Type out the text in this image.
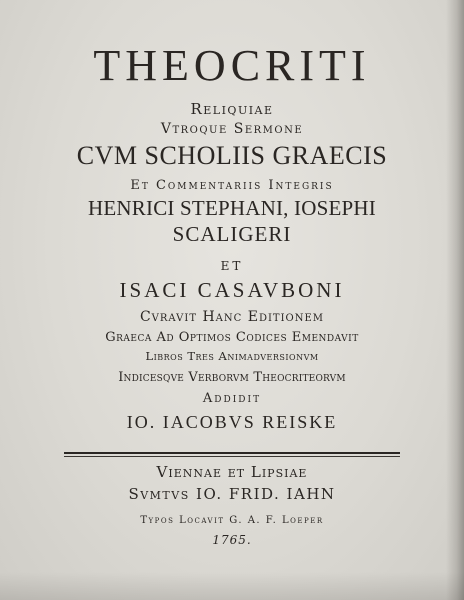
THEOCRITI

Reliquiae

Vtroque Sermone

CVM SCHOLIIS GRAECIS

Et Commentariis Integris

HENRICI STEPHANI, IOSEPHI

SCALIGERI

ET

ISACI CASAVBONI

Cvravit Hanc Editionem

Graeca Ad Optimos Codices Emendavit

Libros Tres Animadversionvm

Indicesqve Verborvm Theocriteorvm

Addidit

IO. IACOBVS REISKE

Viennae et Lipsiae

Svmtvs IO. FRID. IAHN

Typos Locavit G. A. F. Loeper

1765.
